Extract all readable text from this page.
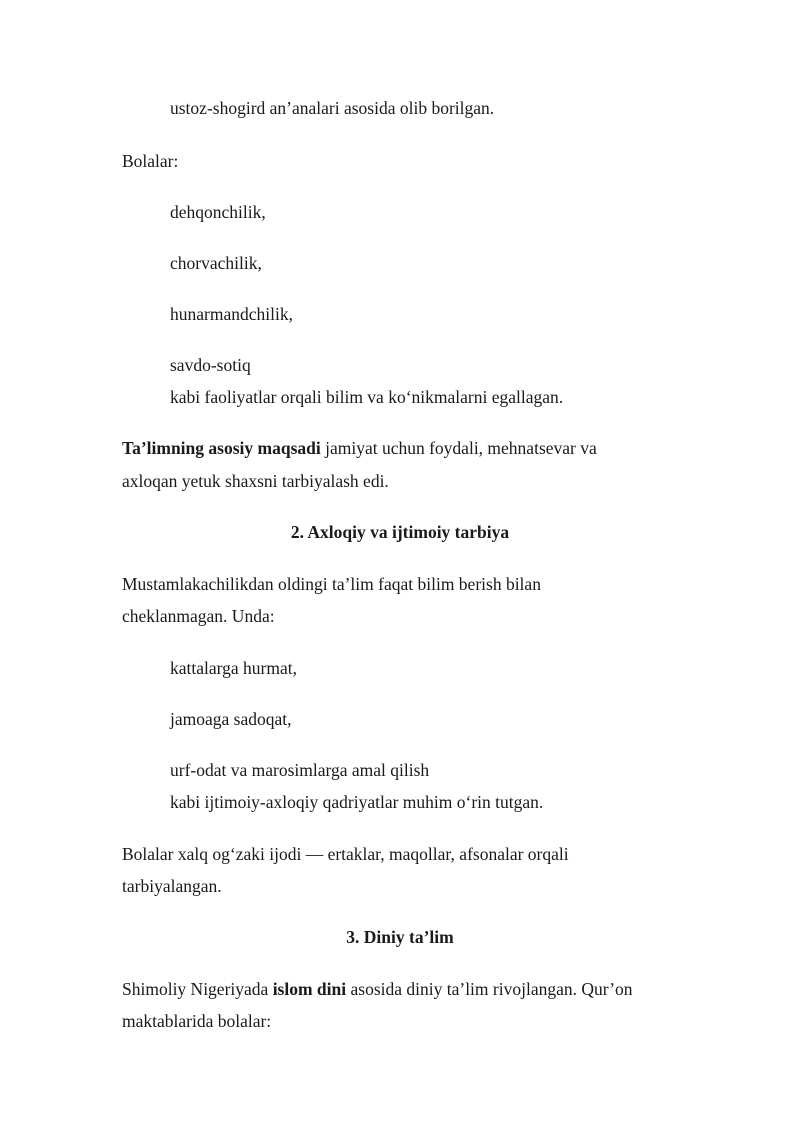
ustoz-shogird an’analari asosida olib borilgan.
Bolalar:
dehqonchilik,
chorvachilik,
hunarmandchilik,
savdo-sotiq
kabi faoliyatlar orqali bilim va ko‘nikmalarni egallagan.
Ta’limning asosiy maqsadi jamiyat uchun foydali, mehnatsevar va
axloqan yetuk shaxsni tarbiyalash edi.
2. Axloqiy va ijtimoiy tarbiya
Mustamlakachilikdan oldingi ta’lim faqat bilim berish bilan
cheklanmagan. Unda:
kattalarga hurmat,
jamoaga sadoqat,
urf-odat va marosimlarga amal qilish
kabi ijtimoiy-axloqiy qadriyatlar muhim o‘rin tutgan.
Bolalar xalq og‘zaki ijodi — ertaklar, maqollar, afsonalar orqali
tarbiyalangan.
3. Diniy ta’lim
Shimoliy Nigeriyada islom dini asosida diniy ta’lim rivojlangan. Qur’on
maktablarida bolalar:
